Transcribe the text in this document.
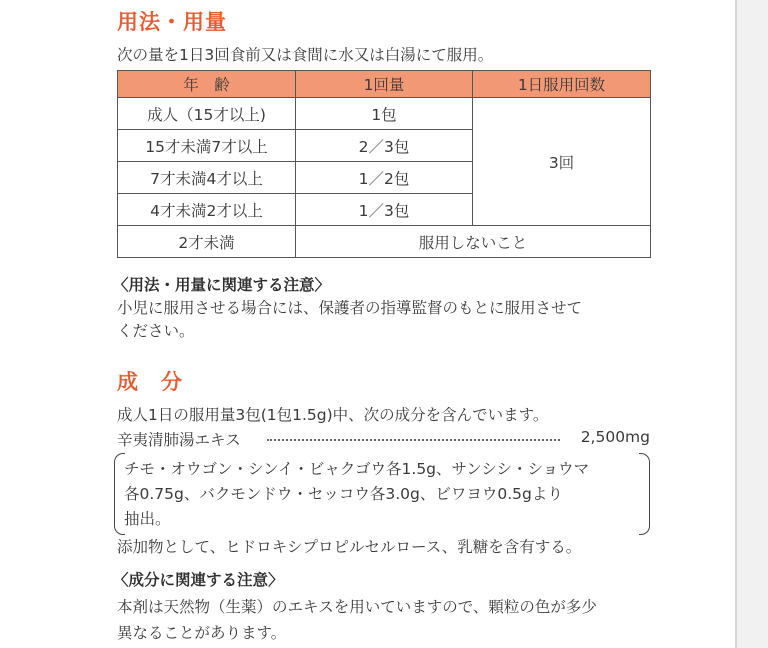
用法・用量
次の量を1日3回食前又は食間に水又は白湯にて服用。
年　齢	1回量	1日服用回数
成人（15才以上)	1包	3回
15才未満7才以上	2／3包	
7才未満4才以上	1／2包	
4才未満2才以上	1／3包	
2才未満	服用しないこと	
〈用法・用量に関連する注意〉
小児に服用させる場合には、保護者の指導監督のもとに服用させて
ください。
成　分
成人1日の服用量3包(1包1.5g)中、次の成分を含んでいます。
辛夷清肺湯エキス	2,500mg
チモ・オウゴン・シンイ・ビャクゴウ各1.5g、サンシシ・ショウマ
各0.75g、バクモンドウ・セッコウ各3.0g、ビワヨウ0.5gより
抽出。
添加物として、ヒドロキシプロピルセルロース、乳糖を含有する。
〈成分に関連する注意〉
本剤は天然物（生薬）のエキスを用いていますので、顆粒の色が多少
異なることがあります。
